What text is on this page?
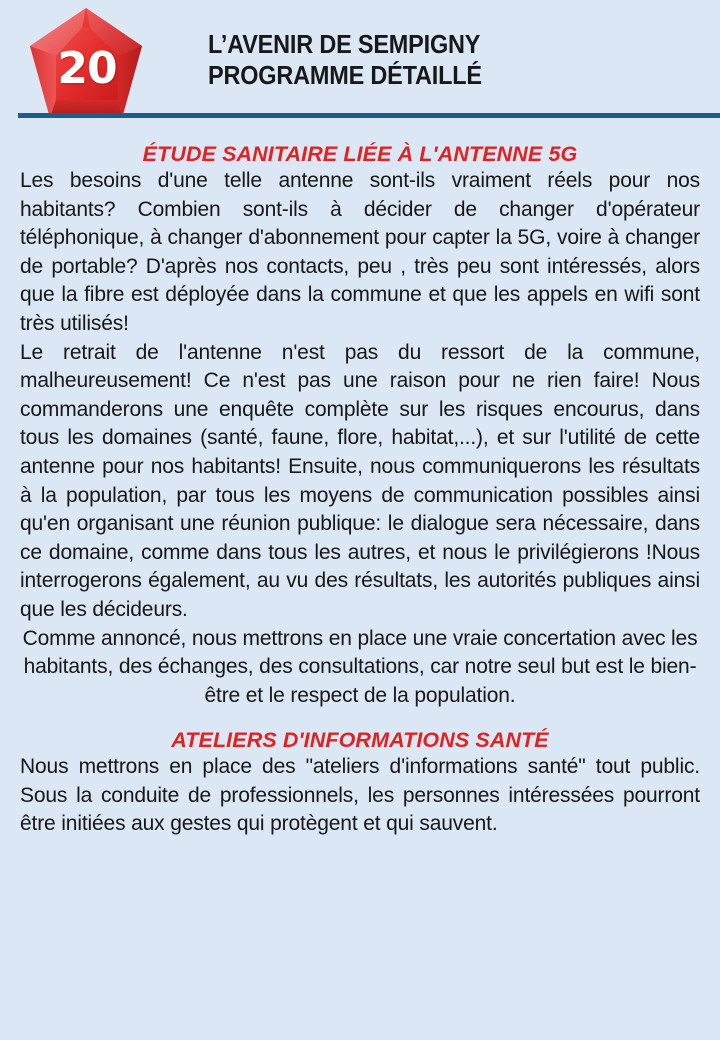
20	L’AVENIR DE SEMPIGNY
PROGRAMME DÉTAILLÉ
ÉTUDE SANITAIRE LIÉE À L'ANTENNE 5G

Les besoins d'une telle antenne sont-ils vraiment réels pour nos habitants? Combien sont-ils à décider de changer d'opérateur téléphonique, à changer d'abonnement pour capter la 5G, voire à changer de portable? D'après nos contacts, peu , très peu sont intéressés, alors que la fibre est déployée dans la commune et que les appels en wifi sont très utilisés!

Le retrait de l'antenne n'est pas du ressort de la commune, malheureusement! Ce n'est pas une raison pour ne rien faire! Nous commanderons une enquête complète sur les risques encourus, dans tous les domaines (santé, faune, flore, habitat,...), et sur l'utilité de cette antenne pour nos habitants! Ensuite, nous communiquerons les résultats à la population, par tous les moyens de communication possibles ainsi qu'en organisant une réunion publique: le dialogue sera nécessaire, dans ce domaine, comme dans tous les autres, et nous le privilégierons !Nous interrogerons également, au vu des résultats, les autorités publiques ainsi que les décideurs.

Comme annoncé, nous mettrons en place une vraie concertation avec les habitants, des échanges, des consultations, car notre seul but est le bien-être et le respect de la population.

ATELIERS D'INFORMATIONS SANTÉ

Nous mettrons en place des "ateliers d'informations santé" tout public. Sous la conduite de professionnels, les personnes intéressées pourront être initiées aux gestes qui protègent et qui sauvent.
